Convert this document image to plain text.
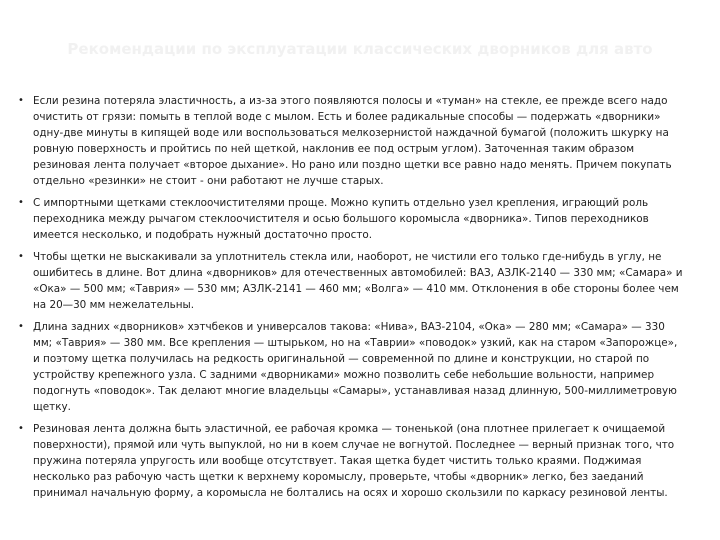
Рекомендации по эксплуатации классических дворников для авто
• Если резина потеряла эластичность, а из-за этого появляются полосы и «туман» на стекле, ее прежде всего надо очистить от грязи: помыть в теплой воде с мылом. Есть и более радикальные способы — подержать «дворники» одну-две минуты в кипящей воде или воспользоваться мелкозернистой наждачной бумагой (положить шкурку на ровную поверхность и пройтись по ней щеткой, наклонив ее под острым углом). Заточенная таким образом резиновая лента получает «второе дыхание». Но рано или поздно щетки все равно надо менять. Причем покупать отдельно «резинки» не стоит - они работают не лучше старых.
• С импортными щетками стеклоочистителями проще. Можно купить отдельно узел крепления, играющий роль переходника между рычагом стеклоочистителя и осью большого коромысла «дворника». Типов переходников имеется несколько, и подобрать нужный достаточно просто.
• Чтобы щетки не выскакивали за уплотнитель стекла или, наоборот, не чистили его только где-нибудь в углу, не ошибитесь в длине. Вот длина «дворников» для отечественных автомобилей: ВАЗ, АЗЛК-2140 — 330 мм; «Самара» и «Ока» — 500 мм; «Таврия» — 530 мм; АЗЛК-2141 — 460 мм; «Волга» — 410 мм. Отклонения в обе стороны более чем на 20—30 мм нежелательны.
• Длина задних «дворников» хэтчбеков и универсалов такова: «Нива», ВАЗ-2104, «Ока» — 280 мм; «Самара» — 330 мм; «Таврия» — 380 мм. Все крепления — штырьком, но на «Таврии» «поводок» узкий, как на старом «Запорожце», и поэтому щетка получилась на редкость оригинальной — современной по длине и конструкции, но старой по устройству крепежного узла. С задними «дворниками» можно позволить себе небольшие вольности, например подогнуть «поводок». Так делают многие владельцы «Самары», устанавливая назад длинную, 500-миллиметровую щетку.
• Резиновая лента должна быть эластичной, ее рабочая кромка — тоненькой (она плотнее прилегает к очищаемой поверхности), прямой или чуть выпуклой, но ни в коем случае не вогнутой. Последнее — верный признак того, что пружина потеряла упругость или вообще отсутствует. Такая щетка будет чистить только краями. Поджимая несколько раз рабочую часть щетки к верхнему коромыслу, проверьте, чтобы «дворник» легко, без заеданий принимал начальную форму, а коромысла не болтались на осях и хорошо скользили по каркасу резиновой ленты.
